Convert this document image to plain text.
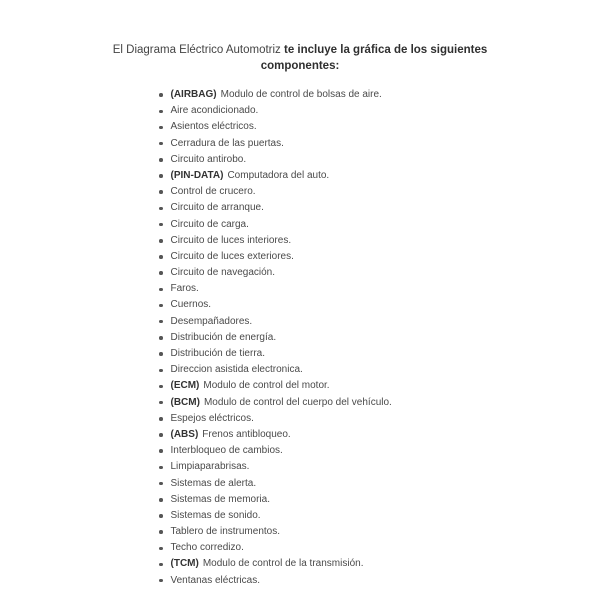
El Diagrama Eléctrico Automotriz te incluye la gráfica de los siguientes componentes:
(AIRBAG) Modulo de control de bolsas de aire.
Aire acondicionado.
Asientos eléctricos.
Cerradura de las puertas.
Circuito antirobo.
(PIN-DATA) Computadora del auto.
Control de crucero.
Circuito de arranque.
Circuito de carga.
Circuito de luces interiores.
Circuito de luces exteriores.
Circuito de navegación.
Faros.
Cuernos.
Desempañadores.
Distribución de energía.
Distribución de tierra.
Direccion asistida electronica.
(ECM) Modulo de control del motor.
(BCM) Modulo de control del cuerpo del vehículo.
Espejos eléctricos.
(ABS) Frenos antibloqueo.
Interbloqueo de cambios.
Limpiaparabrisas.
Sistemas de alerta.
Sistemas de memoria.
Sistemas de sonido.
Tablero de instrumentos.
Techo corredizo.
(TCM) Modulo de control de la transmisión.
Ventanas eléctricas.
